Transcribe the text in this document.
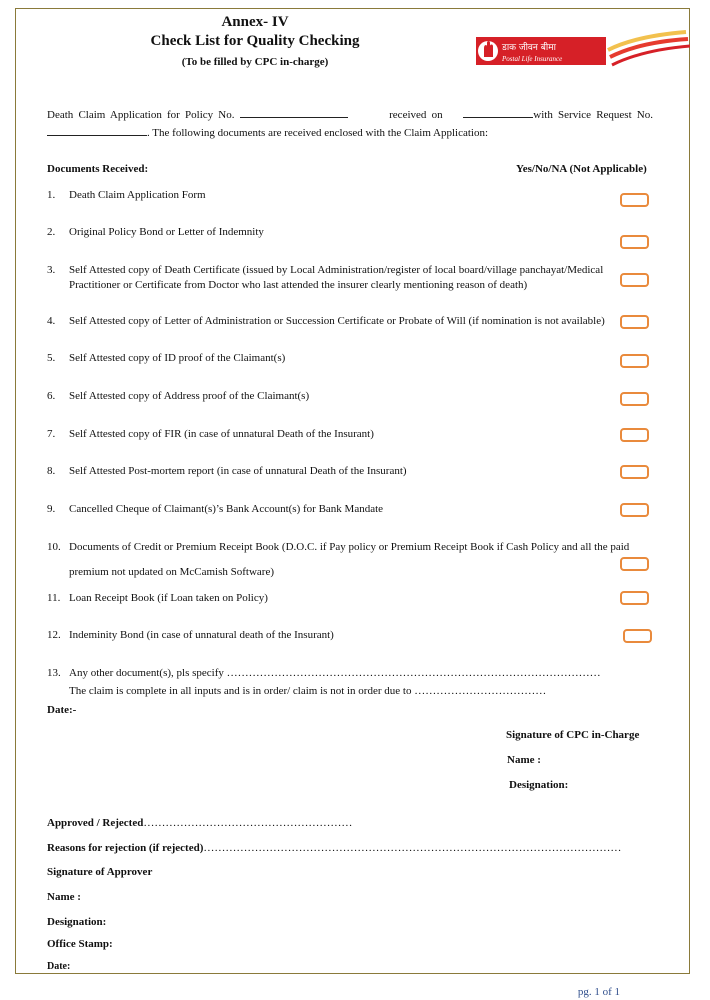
Annex- IV
Check List for Quality Checking
(To be filled by CPC in-charge)
डाक जीवन बीमा
Postal Life Insurance
Death Claim Application for Policy No.	received on	with Service Request No. . The following documents are received enclosed with the Claim Application:
Documents Received:	Yes/No/NA (Not Applicable)
1. Death Claim Application Form
2. Original Policy Bond or Letter of Indemnity
3. Self Attested copy of Death Certificate (issued by Local Administration/register of local board/village panchayat/Medical Practitioner or Certificate from Doctor who last attended the insurer clearly mentioning reason of death)
4. Self Attested copy of Letter of Administration or Succession Certificate or Probate of Will (if nomination is not available)
5. Self Attested copy of ID proof of the Claimant(s)
6. Self Attested copy of Address proof of the Claimant(s)
7. Self Attested copy of FIR (in case of unnatural Death of the Insurant)
8. Self Attested Post-mortem report (in case of unnatural Death of the Insurant)
9. Cancelled Cheque of Claimant(s)’s Bank Account(s) for Bank Mandate
10. Documents of Credit or Premium Receipt Book (D.O.C. if Pay policy or Premium Receipt Book if Cash Policy and all the paid
premium not updated on McCamish Software)
11. Loan Receipt Book (if Loan taken on Policy)
12. Indeminity Bond (in case of unnatural death of the Insurant)
13. Any other document(s), pls specify …………………………………………………………………………………………
The claim is complete in all inputs and is in order/ claim is not in order due to ………………………………
Date:-
Signature of CPC in-Charge
Name :
Designation:
Approved / Rejected…………………………………………………
Reasons for rejection (if rejected)……………………………………………………………………………………………………
Signature of Approver
Name :
Designation:
Office Stamp:
Date:
pg. 1 of 1
